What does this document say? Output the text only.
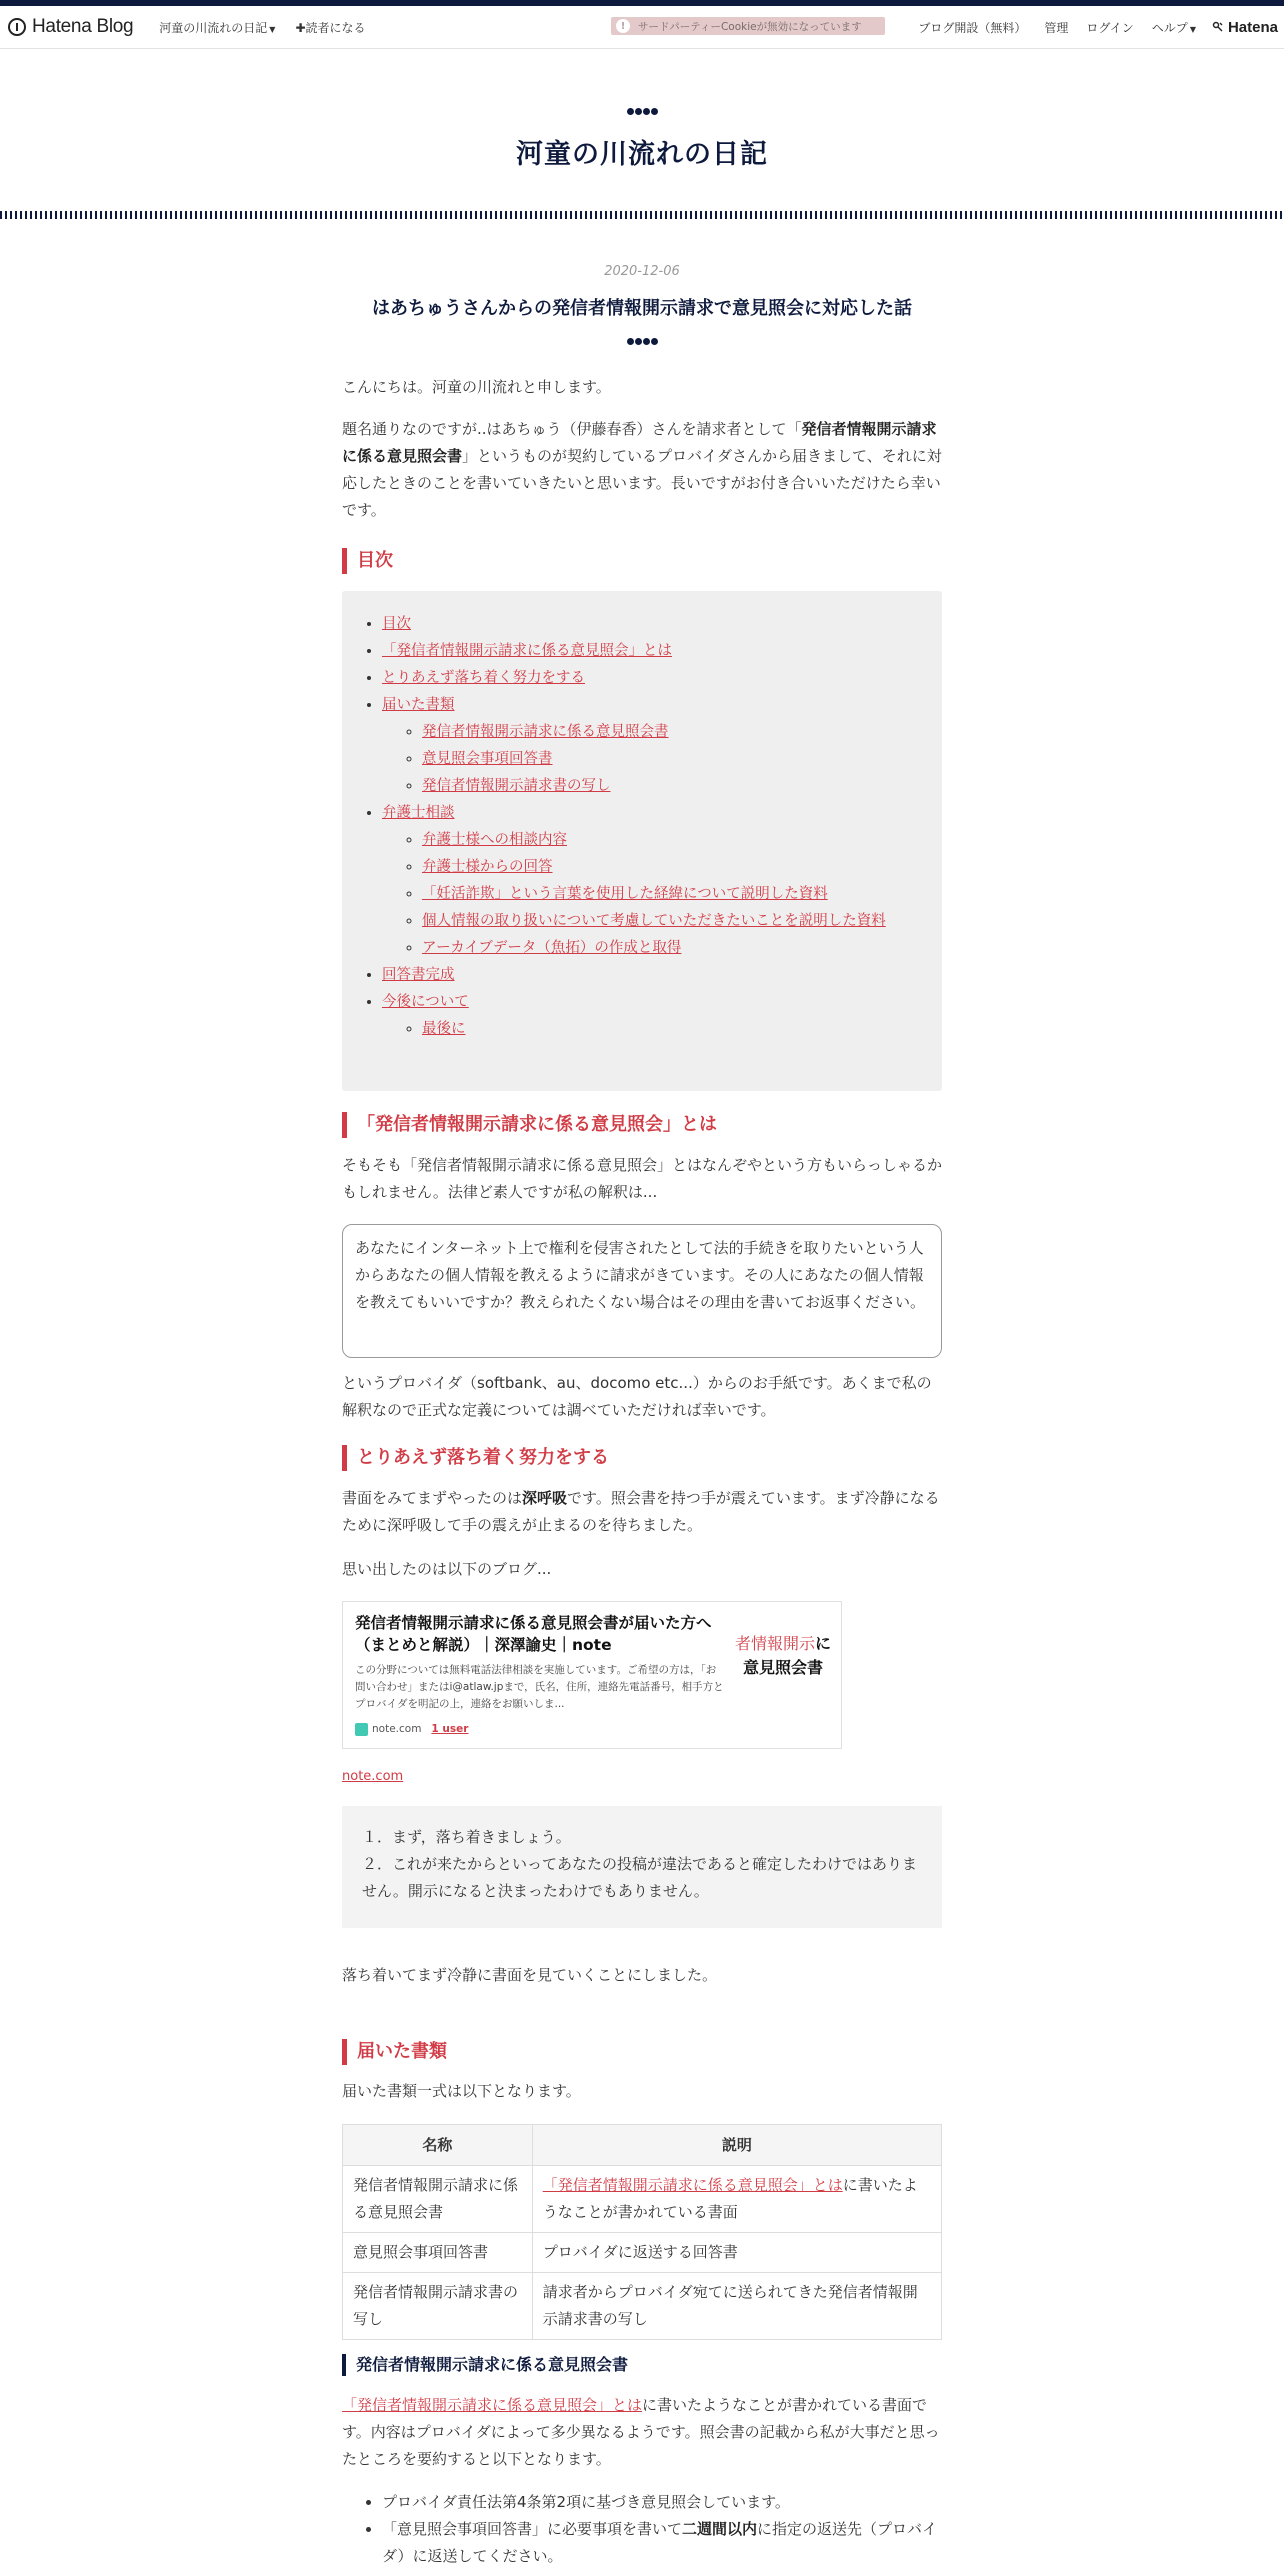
Hatena Blog 河童の川流れの日記 ▼ ✚読者になる	!	サードパーティーCookieが無効になっています	ブログ開設（無料） 管理 ログイン ヘルプ ▼ Hatena
河童の川流れの日記
2020-12-06
はあちゅうさんからの発信者情報開示請求で意見照会に対応した話

こんにちは。河童の川流れと申します。

題名通りなのですが..はあちゅう（伊藤春香）さんを請求者として「発信者情報開示請求に係る意見照会書」というものが契約しているプロバイダさんから届きまして、それに対応したときのことを書いていきたいと思います。長いですがお付き合いいただけたら幸いです。

目次
• 目次
• 「発信者情報開示請求に係る意見照会」とは
• とりあえず落ち着く努力をする
• 届いた書類
◦ 発信者情報開示請求に係る意見照会書
◦ 意見照会事項回答書
◦ 発信者情報開示請求書の写し
• 弁護士相談
◦ 弁護士様への相談内容
◦ 弁護士様からの回答
◦ 「妊活詐欺」という言葉を使用した経緯について説明した資料
◦ 個人情報の取り扱いについて考慮していただきたいことを説明した資料
◦ アーカイブデータ（魚拓）の作成と取得
• 回答書完成
• 今後について
◦ 最後に
「発信者情報開示請求に係る意見照会」とは

そもそも「発信者情報開示請求に係る意見照会」とはなんぞやという方もいらっしゃるかもしれません。法律ど素人ですが私の解釈は...

あなたにインターネット上で権利を侵害されたとして法的手続きを取りたいという人からあなたの個人情報を教えるように請求がきています。その人にあなたの個人情報を教えてもいいですか？教えられたくない場合はその理由を書いてお返事ください。

というプロバイダ（softbank、au、docomo etc...）からのお手紙です。あくまで私の解釈なので正式な定義については調べていただければ幸いです。

とりあえず落ち着く努力をする

書面をみてまずやったのは深呼吸です。照会書を持つ手が震えています。まず冷静になるために深呼吸して手の震えが止まるのを待ちました。

思い出したのは以下のブログ...

発信者情報開示請求に係る意見照会書が届いた方へ（まとめと解説）｜深澤諭史｜note
この分野については無料電話法律相談を実施しています。ご希望の方は，「お問い合わせ」またはi@atlaw.jpまで，氏名，住所，連絡先電話番号，相手方とプロバイダを明記の上，連絡をお願いしま...
note.com 1 user
者情報開示に
意見照会書
note.com

１．まず，落ち着きましょう。

２．これが来たからといってあなたの投稿が違法であると確定したわけではありません。開示になると決まったわけでもありません。

落ち着いてまず冷静に書面を見ていくことにしました。

届いた書類

届いた書類一式は以下となります。

名称	説明
発信者情報開示請求に係る意見照会書	「発信者情報開示請求に係る意見照会」とはに書いたようなことが書かれている書面
意見照会事項回答書	プロバイダに返送する回答書
発信者情報開示請求書の写し	請求者からプロバイダ宛てに送られてきた発信者情報開示請求書の写し
発信者情報開示請求に係る意見照会書

「発信者情報開示請求に係る意見照会」とはに書いたようなことが書かれている書面です。内容はプロバイダによって多少異なるようです。照会書の記載から私が大事だと思ったところを要約すると以下となります。

• プロバイダ責任法第4条第2項に基づき意見照会しています。
• 「意見照会事項回答書」に必要事項を書いて二週間以内に指定の返送先（プロバイダ）に返送してください。
